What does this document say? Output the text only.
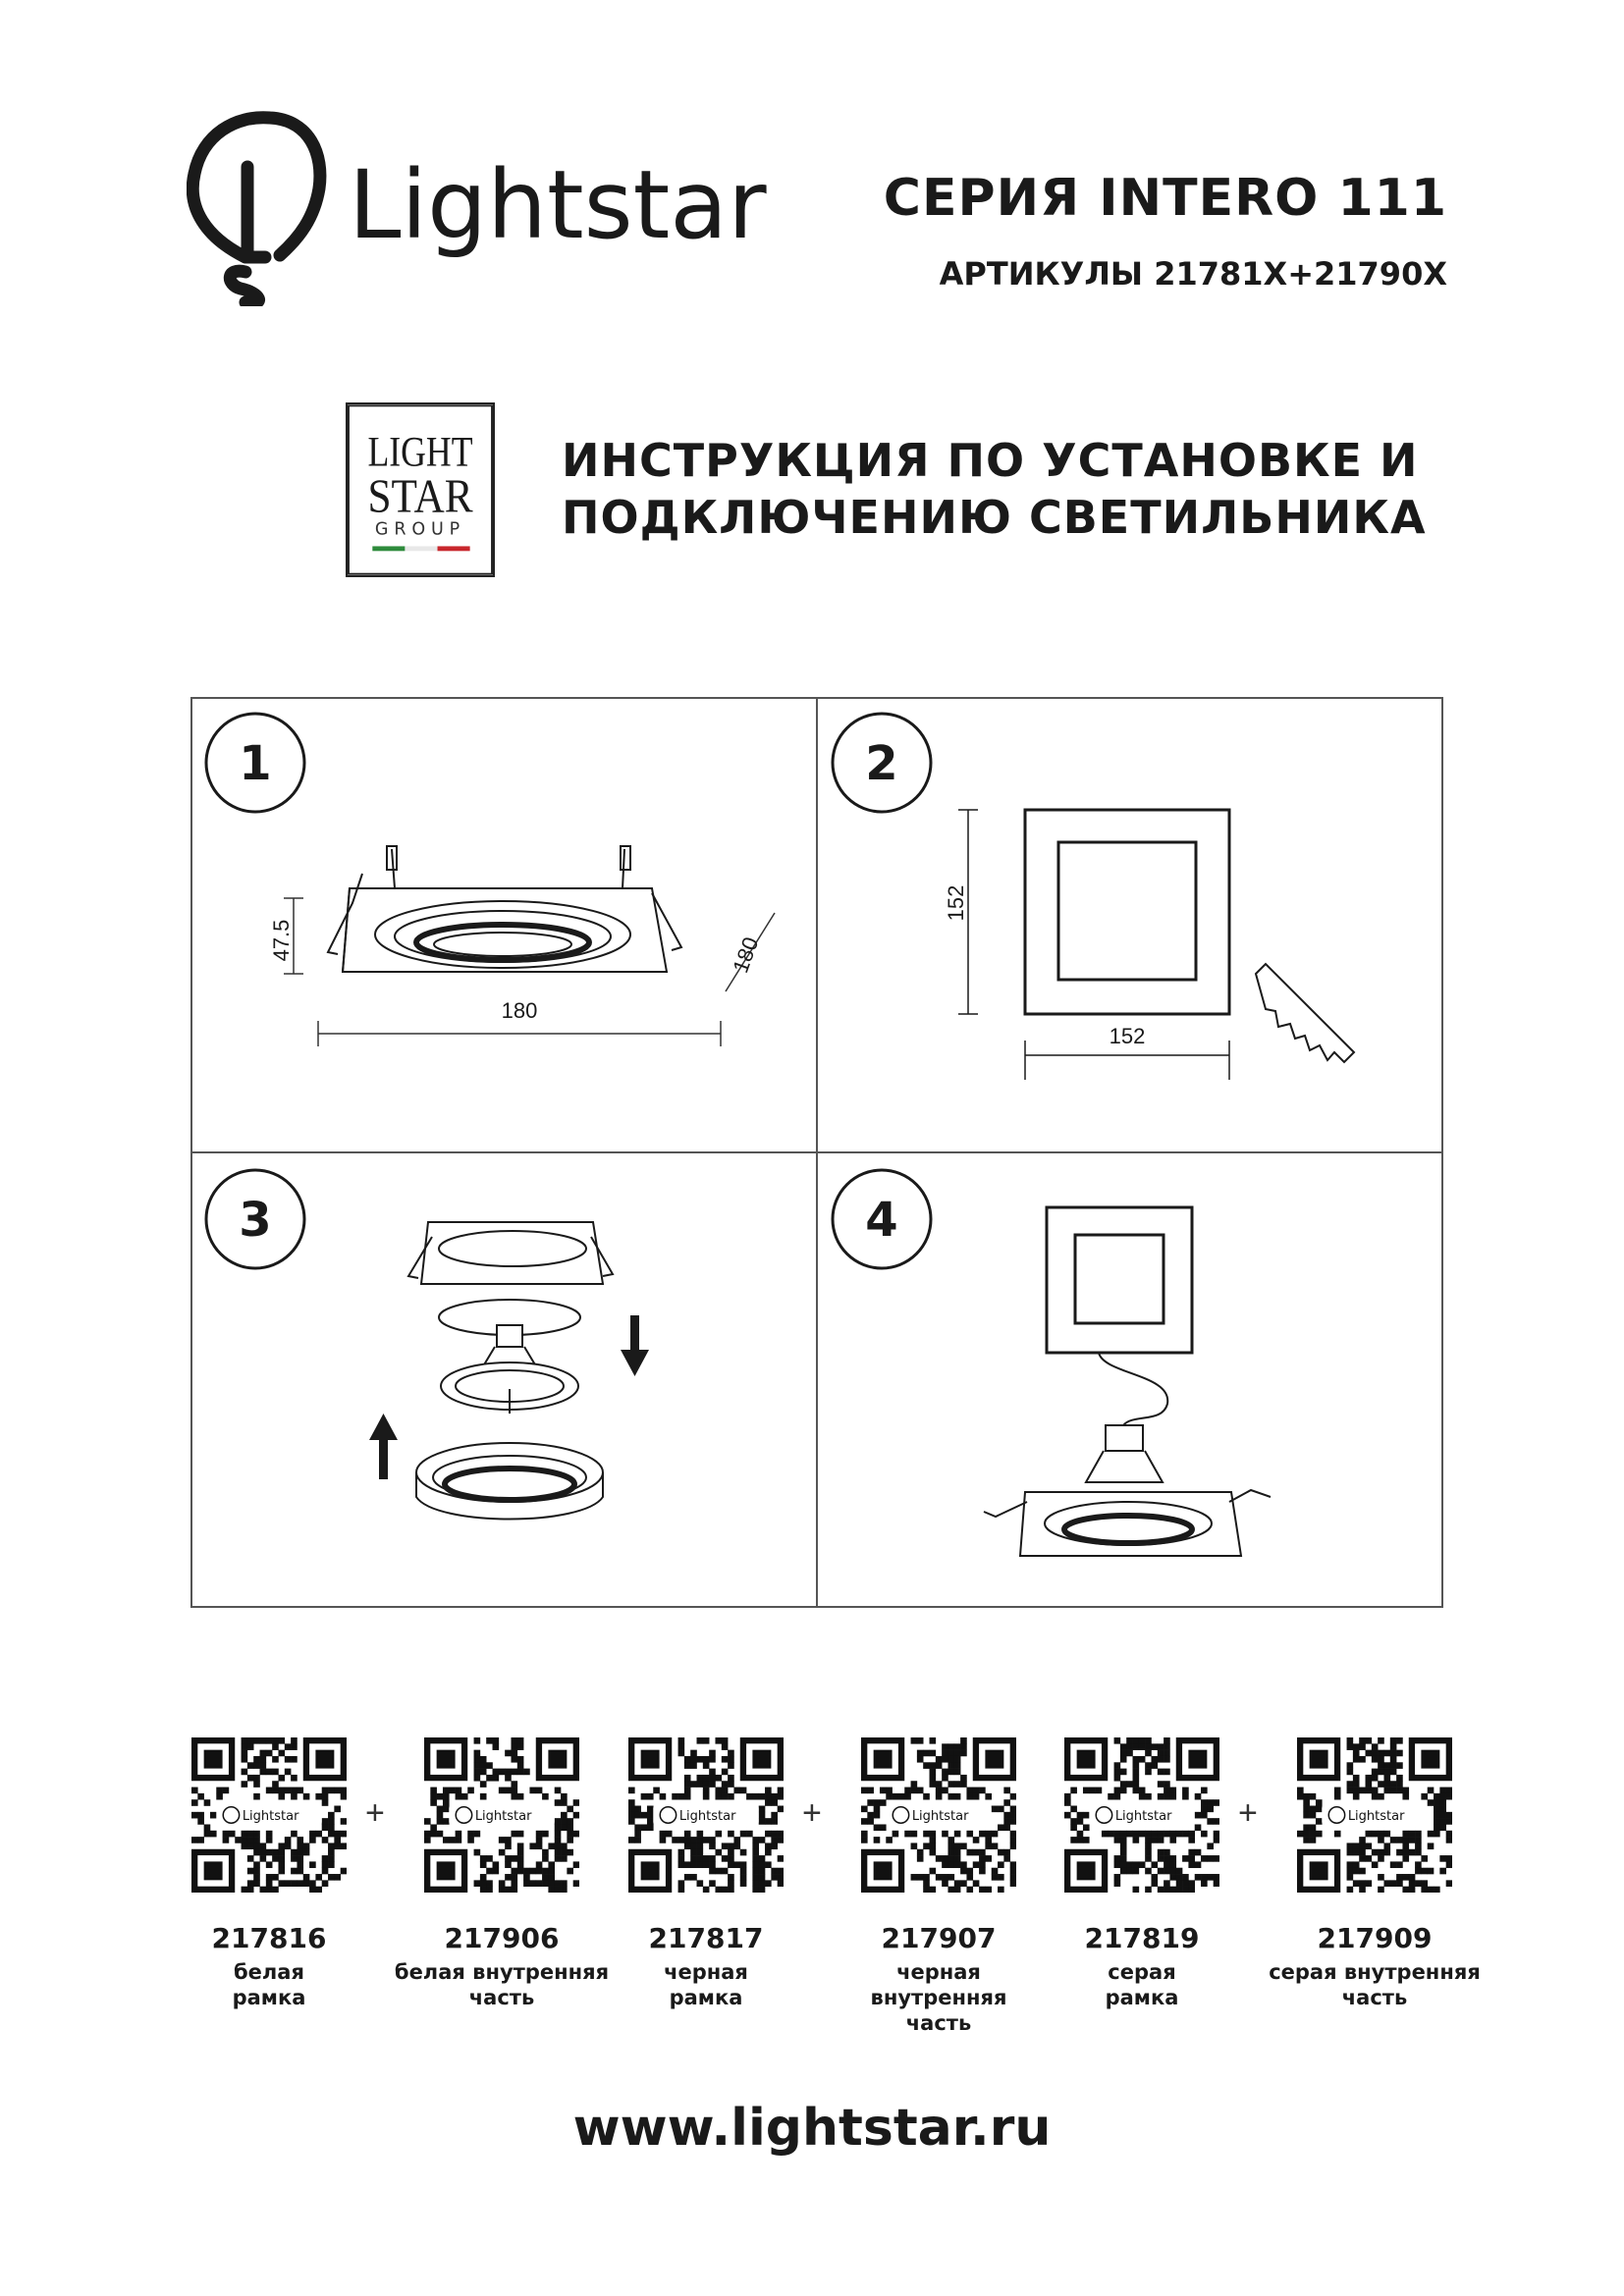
Lightstar СЕРИЯ INTERO 111
АРТИКУЛЫ 21781X+21790X
LIGHT
STAR
GROUP
ИНСТРУКЦИЯ ПО УСТАНОВКЕ И
ПОДКЛЮЧЕНИЮ СВЕТИЛЬНИКА
1	2
3	4
47.5
180
180
152
152
Lightstar +	Lightstar	Lightstar +	Lightstar	Lightstar +	Lightstar
217816
белая
рамка
217906
белая внутренняя
часть
217817
черная
рамка
217907
черная внутренняя
часть
217819
серая
рамка
217909
серая внутренняя
часть
www.lightstar.ru
